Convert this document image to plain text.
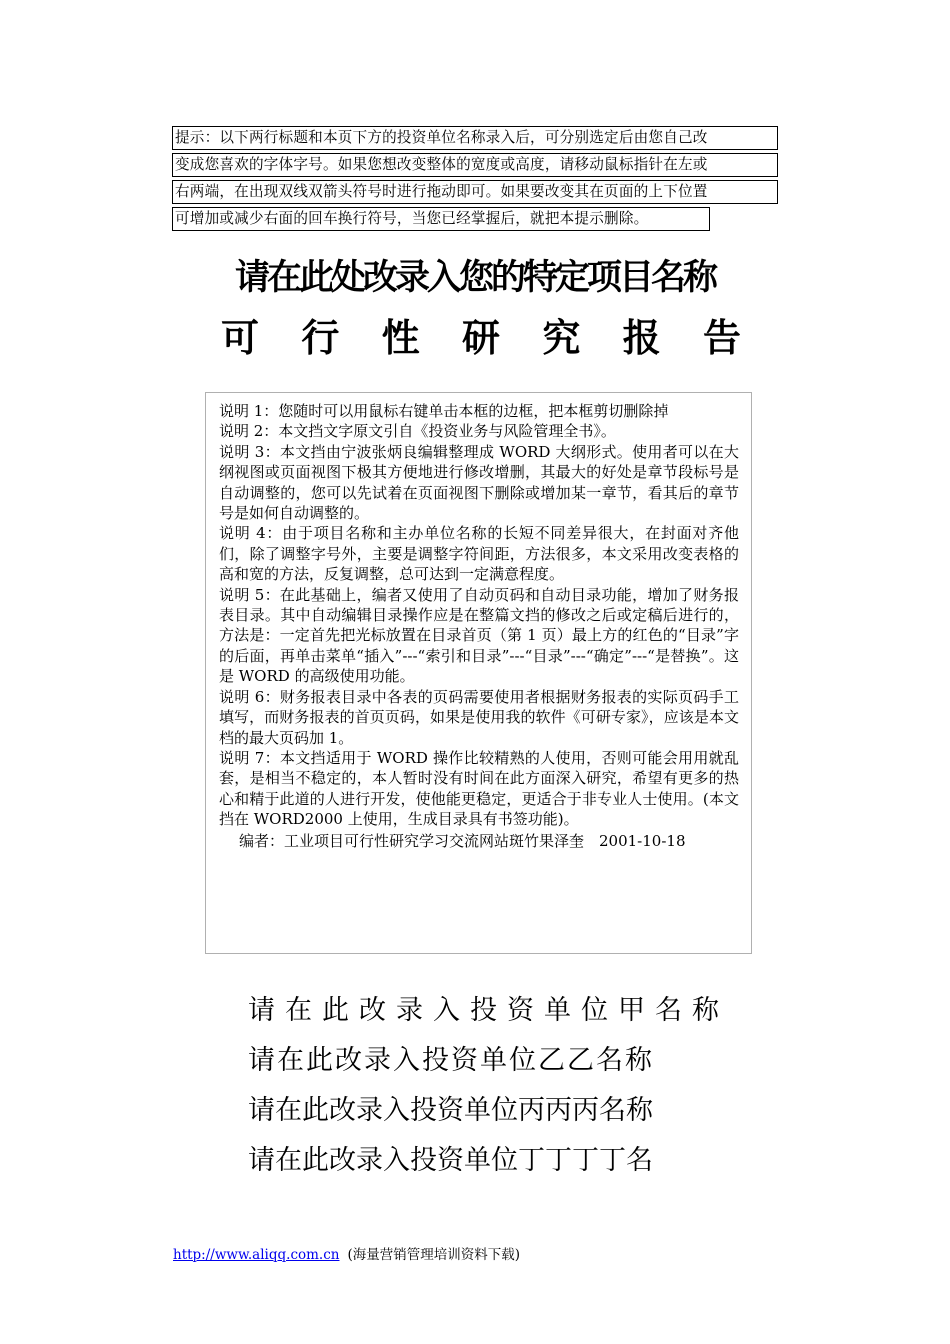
提示：以下两行标题和本页下方的投资单位名称录入后，可分别选定后由您自己改
变成您喜欢的字体字号。如果您想改变整体的宽度或高度，请移动鼠标指针在左或
右两端，在出现双线双箭头符号时进行拖动即可。如果要改变其在页面的上下位置
可增加或减少右面的回车换行符号，当您已经掌握后，就把本提示删除。
请在此处改录入您的特定项目名称
可 行 性 研 究 报 告

说明 1：您随时可以用鼠标右键单击本框的边框，把本框剪切删除掉

说明 2：本文挡文字原文引自《投资业务与风险管理全书》。

说明 3：本文挡由宁波张炳良编辑整理成 WORD 大纲形式。使用者可以在大纲视图或页面视图下极其方便地进行修改增删，其最大的好处是章节段标号是自动调整的，您可以先试着在页面视图下删除或增加某一章节，看其后的章节号是如何自动调整的。

说明 4：由于项目名称和主办单位名称的长短不同差异很大，在封面对齐他们，除了调整字号外，主要是调整字符间距，方法很多，本文采用改变表格的高和宽的方法，反复调整，总可达到一定满意程度。

说明 5：在此基础上，编者又使用了自动页码和自动目录功能，增加了财务报表目录。其中自动编辑目录操作应是在整篇文挡的修改之后或定稿后进行的，方法是：一定首先把光标放置在目录首页（第 1 页）最上方的红色的“目录”字的后面，再单击菜单“插入”---“索引和目录”---“目录”---“确定”---“是替换”。这是 WORD 的高级使用功能。

说明 6：财务报表目录中各表的页码需要使用者根据财务报表的实际页码手工填写，而财务报表的首页页码，如果是使用我的软件《可研专家》，应该是本文档的最大页码加 1。

说明 7：本文挡适用于 WORD 操作比较精熟的人使用，否则可能会用用就乱套，是相当不稳定的，本人暂时没有时间在此方面深入研究，希望有更多的热心和精于此道的人进行开发，使他能更稳定，更适合于非专业人士使用。(本文挡在 WORD2000 上使用，生成目录具有书签功能)。

编者：工业项目可行性研究学习交流网站斑竹果泽奎　2001-10-18

请在此改录入投资单位甲名称
请在此改录入投资单位乙乙名称
请在此改录入投资单位丙丙丙名称
请在此改录入投资单位丁丁丁丁名
http://www.aliqq.com.cn (海量营销管理培训资料下载)
